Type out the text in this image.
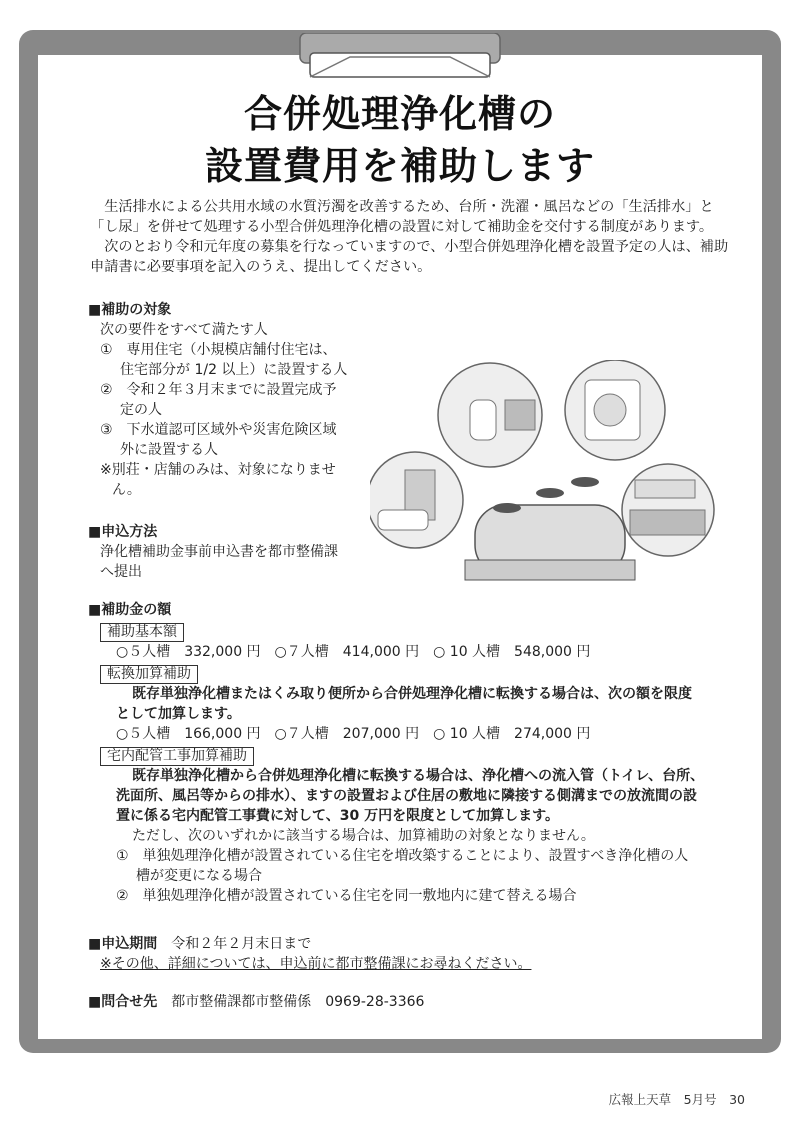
合併処理浄化槽の
設置費用を補助します

生活排水による公共用水域の水質汚濁を改善するため、台所・洗濯・風呂などの「生活排水」と「し尿」を併せて処理する小型合併処理浄化槽の設置に対して補助金を交付する制度があります。

次のとおり令和元年度の募集を行なっていますので、小型合併処理浄化槽を設置予定の人は、補助申請書に必要事項を記入のうえ、提出してください。

■ 補助の対象
次の要件をすべて満たす人
①　専用住宅（小規模店舗付住宅は、
住宅部分が 1/2 以上）に設置する人
②　令和２年３月末までに設置完成予
定の人
③　下水道認可区域外や災害危険区域
外に設置する人
※別荘・店舗のみは、対象になりませ
ん。
■ 申込方法
浄化槽補助金事前申込書を都市整備課
へ提出
■ 補助金の額
補助基本額
○５人槽　332,000 円　○７人槽　414,000 円　○ 10 人槽　548,000 円
転換加算補助
既存単独浄化槽またはくみ取り便所から合併処理浄化槽に転換する場合は、次の額を限度
として加算します。
○５人槽　166,000 円　○７人槽　207,000 円　○ 10 人槽　274,000 円
宅内配管工事加算補助
既存単独浄化槽から合併処理浄化槽に転換する場合は、浄化槽への流入管（トイレ、台所、
洗面所、風呂等からの排水）、ますの設置および住居の敷地に隣接する側溝までの放流間の設
置に係る宅内配管工事費に対して、30 万円を限度として加算します。
ただし、次のいずれかに該当する場合は、加算補助の対象となりません。
①　単独処理浄化槽が設置されている住宅を増改築することにより、設置すべき浄化槽の人
槽が変更になる場合
②　単独処理浄化槽が設置されている住宅を同一敷地内に建て替える場合
■ 申込期間　 令和２年２月末日まで
※その他、詳細については、申込前に都市整備課にお尋ねください。
■ 問合せ先　 都市整備課都市整備係　0969-28-3366
広報上天草　5月号　30
